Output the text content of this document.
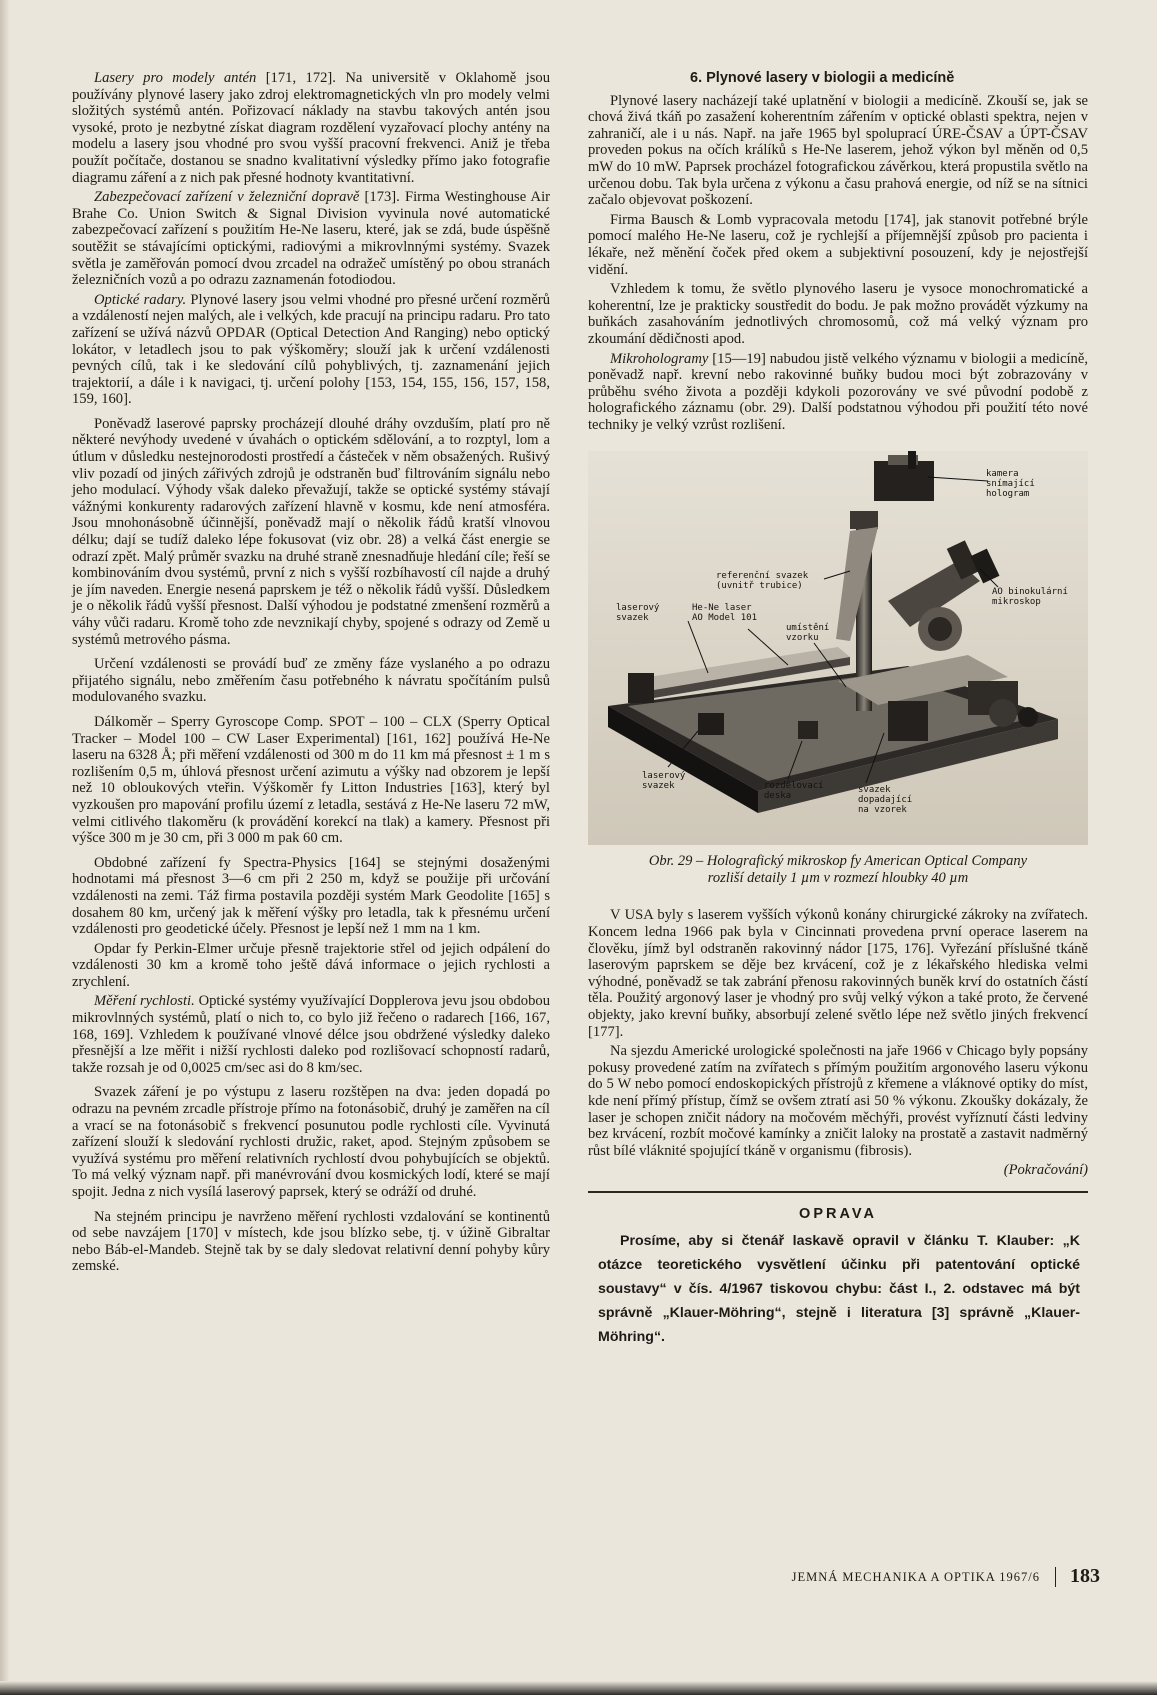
Lasery pro modely antén [171, 172]. Na universitě v Oklahomě jsou používány plynové lasery jako zdroj elektromagnetických vln pro modely velmi složitých systémů antén. Pořizovací náklady na stavbu takových antén jsou vysoké, proto je nezbytné získat diagram rozdělení vyzařovací plochy antény na modelu a lasery jsou vhodné pro svou vyšší pracovní frekvenci. Aniž je třeba použít počítače, dostanou se snadno kvalitativní výsledky přímo jako fotografie diagramu záření a z nich pak přesné hodnoty kvantitativní.

Zabezpečovací zařízení v železniční dopravě [173]. Firma Westinghouse Air Brahe Co. Union Switch & Signal Division vyvinula nové automatické zabezpečovací zařízení s použitím He-Ne laseru, které, jak se zdá, bude úspěšně soutěžit se stávajícími optickými, radiovými a mikrovlnnými systémy. Svazek světla je zaměřován pomocí dvou zrcadel na odražeč umístěný po obou stranách železničních vozů a po odrazu zaznamenán fotodiodou.

Optické radary. Plynové lasery jsou velmi vhodné pro přesné určení rozměrů a vzdáleností nejen malých, ale i velkých, kde pracují na principu radaru. Pro tato zařízení se užívá názvů OPDAR (Optical Detection And Ranging) nebo optický lokátor, v letadlech jsou to pak výškoměry; slouží jak k určení vzdálenosti pevných cílů, tak i ke sledování cílů pohyblivých, tj. zaznamenání jejich trajektorií, a dále i k navigaci, tj. určení polohy [153, 154, 155, 156, 157, 158, 159, 160].

Poněvadž laserové paprsky procházejí dlouhé dráhy ovzduším, platí pro ně některé nevýhody uvedené v úvahách o optickém sdělování, a to rozptyl, lom a útlum v důsledku nestejnorodosti prostředí a částeček v něm obsažených. Rušivý vliv pozadí od jiných zářivých zdrojů je odstraněn buď filtrováním signálu nebo jeho modulací. Výhody však daleko převažují, takže se optické systémy stávají vážnými konkurenty radarových zařízení hlavně v kosmu, kde není atmosféra. Jsou mnohonásobně účinnější, poněvadž mají o několik řádů kratší vlnovou délku; dají se tudíž daleko lépe fokusovat (viz obr. 28) a velká část energie se odrazí zpět. Malý průměr svazku na druhé straně znesnadňuje hledání cíle; řeší se kombinováním dvou systémů, první z nich s vyšší rozbíhavostí cíl najde a druhý je jím naveden. Energie nesená paprskem je též o několik řádů vyšší. Důsledkem je o několik řádů vyšší přesnost. Další výhodou je podstatné zmenšení rozměrů a váhy vůči radaru. Kromě toho zde nevznikají chyby, spojené s odrazy od Země u systémů metrového pásma.

Určení vzdálenosti se provádí buď ze změny fáze vyslaného a po odrazu přijatého signálu, nebo změřením času potřebného k návratu spočítáním pulsů modulovaného svazku.

Dálkoměr – Sperry Gyroscope Comp. SPOT – 100 – CLX (Sperry Optical Tracker – Model 100 – CW Laser Experimental) [161, 162] používá He-Ne laseru na 6328 Å; při měření vzdálenosti od 300 m do 11 km má přesnost ± 1 m s rozlišením 0,5 m, úhlová přesnost určení azimutu a výšky nad obzorem je lepší než 10 obloukových vteřin. Výškoměr fy Litton Industries [163], který byl vyzkoušen pro mapování profilu území z letadla, sestává z He-Ne laseru 72 mW, velmi citlivého tlakoměru (k provádění korekcí na tlak) a kamery. Přesnost při výšce 300 m je 30 cm, při 3 000 m pak 60 cm.

Obdobné zařízení fy Spectra-Physics [164] se stejnými dosaženými hodnotami má přesnost 3—6 cm při 2 250 m, když se použije při určování vzdálenosti na zemi. Táž firma postavila později systém Mark Geodolite [165] s dosahem 80 km, určený jak k měření výšky pro letadla, tak k přesnému určení vzdálenosti pro geodetické účely. Přesnost je lepší než 1 mm na 1 km.

Opdar fy Perkin-Elmer určuje přesně trajektorie střel od jejich odpálení do vzdálenosti 30 km a kromě toho ještě dává informace o jejich rychlosti a zrychlení.

Měření rychlosti. Optické systémy využívající Dopplerova jevu jsou obdobou mikrovlnných systémů, platí o nich to, co bylo již řečeno o radarech [166, 167, 168, 169]. Vzhledem k používané vlnové délce jsou obdržené výsledky daleko přesnější a lze měřit i nižší rychlosti daleko pod rozlišovací schopností radarů, takže rozsah je od 0,0025 cm/sec asi do 8 km/sec.

Svazek záření je po výstupu z laseru rozštěpen na dva: jeden dopadá po odrazu na pevném zrcadle přístroje přímo na fotonásobič, druhý je zaměřen na cíl a vrací se na fotonásobič s frekvencí posunutou podle rychlosti cíle. Vyvinutá zařízení slouží k sledování rychlosti družic, raket, apod. Stejným způsobem se využívá systému pro měření relativních rychlostí dvou pohybujících se objektů. To má velký význam např. při manévrování dvou kosmických lodí, které se mají spojit. Jedna z nich vysílá laserový paprsek, který se odráží od druhé.

Na stejném principu je navrženo měření rychlosti vzdalování se kontinentů od sebe navzájem [170] v místech, kde jsou blízko sebe, tj. v úžině Gibraltar nebo Báb-el-Mandeb. Stejně tak by se daly sledovat relativní denní pohyby kůry zemské.

6. Plynové lasery v biologii a medicíně

Plynové lasery nacházejí také uplatnění v biologii a medicíně. Zkouší se, jak se chová živá tkáň po zasažení koherentním zářením v optické oblasti spektra, nejen v zahraničí, ale i u nás. Např. na jaře 1965 byl spoluprací ÚRE-ČSAV a ÚPT-ČSAV proveden pokus na očích králíků s He-Ne laserem, jehož výkon byl měněn od 0,5 mW do 10 mW. Paprsek procházel fotografickou závěrkou, která propustila světlo na určenou dobu. Tak byla určena z výkonu a času prahová energie, od níž se na sítnici začalo objevovat poškození.

Firma Bausch & Lomb vypracovala metodu [174], jak stanovit potřebné brýle pomocí malého He-Ne laseru, což je rychlejší a příjemnější způsob pro pacienta i lékaře, než měnění čoček před okem a subjektivní posouzení, kdy je nejostřejší vidění.

Vzhledem k tomu, že světlo plynového laseru je vysoce monochromatické a koherentní, lze je prakticky soustředit do bodu. Je pak možno provádět výzkumy na buňkách zasahováním jednotlivých chromosomů, což má velký význam pro zkoumání dědičnosti apod.

Mikrohologramy [15—19] nabudou jistě velkého významu v biologii a medicíně, poněvadž např. krevní nebo rakovinné buňky budou moci být zobrazovány v průběhu svého života a později kdykoli pozorovány ve své původní podobě z holografického záznamu (obr. 29). Další podstatnou výhodou při použití této nové techniky je velký vzrůst rozlišení.

kamera
snímající
hologram
referenční svazek
(uvnitř trubice)
AO binokulární
mikroskop
laserový
svazek
He-Ne laser
AO Model 101
umístění
vzorku
laserový
svazek	rozdělovací
deska
svazek
dopadající
na vzorek
Obr. 29 – Holografický mikroskop fy American Optical Company
rozliší detaily 1 µm v rozmezí hloubky 40 µm

V USA byly s laserem vyšších výkonů konány chirurgické zákroky na zvířatech. Koncem ledna 1966 pak byla v Cincinnati provedena první operace laserem na člověku, jímž byl odstraněn rakovinný nádor [175, 176]. Vyřezání příslušné tkáně laserovým paprskem se děje bez krvácení, což je z lékařského hlediska velmi výhodné, poněvadž se tak zabrání přenosu rakovinných buněk krví do ostatních částí těla. Použitý argonový laser je vhodný pro svůj velký výkon a také proto, že červené objekty, jako krevní buňky, absorbují zelené světlo lépe než světlo jiných frekvencí [177].

Na sjezdu Americké urologické společnosti na jaře 1966 v Chicago byly popsány pokusy provedené zatím na zvířatech s přímým použitím argonového laseru výkonu do 5 W nebo pomocí endoskopických přístrojů z křemene a vláknové optiky do míst, kde není přímý přístup, čímž se ovšem ztratí asi 50 % výkonu. Zkoušky dokázaly, že laser je schopen zničit nádory na močovém měchýři, provést vyříznutí části ledviny bez krvácení, rozbít močové kamínky a zničit laloky na prostatě a zastavit nadměrný růst bílé vláknité spojující tkáně v organismu (fibrosis).

(Pokračování)
OPRAVA
Prosíme, aby si čtenář laskavě opravil v článku T. Klauber: „K otázce teoretického vysvětlení účinku při patentování optické soustavy“ v čís. 4/1967 tiskovou chybu: část I., 2. odstavec má být správně „Klauer-Möhring“, stejně i literatura [3] správně „Klauer-Möhring“.
JEMNÁ MECHANIKA A OPTIKA 1967/6 183
